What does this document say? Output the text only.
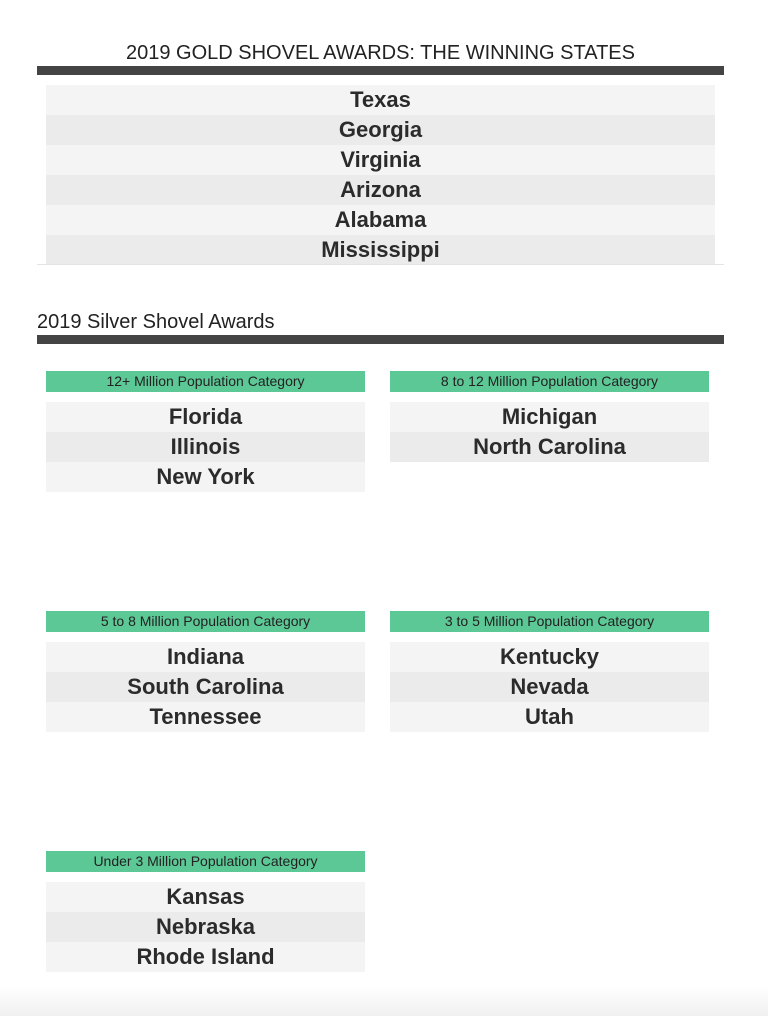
2019 GOLD SHOVEL AWARDS: THE WINNING STATES
Texas
Georgia
Virginia
Arizona
Alabama
Mississippi
2019 Silver Shovel Awards
12+ Million Population Category
Florida
Illinois
New York
8 to 12 Million Population Category
Michigan
North Carolina
5 to 8 Million Population Category
Indiana
South Carolina
Tennessee
3 to 5 Million Population Category
Kentucky
Nevada
Utah
Under 3 Million Population Category
Kansas
Nebraska
Rhode Island
